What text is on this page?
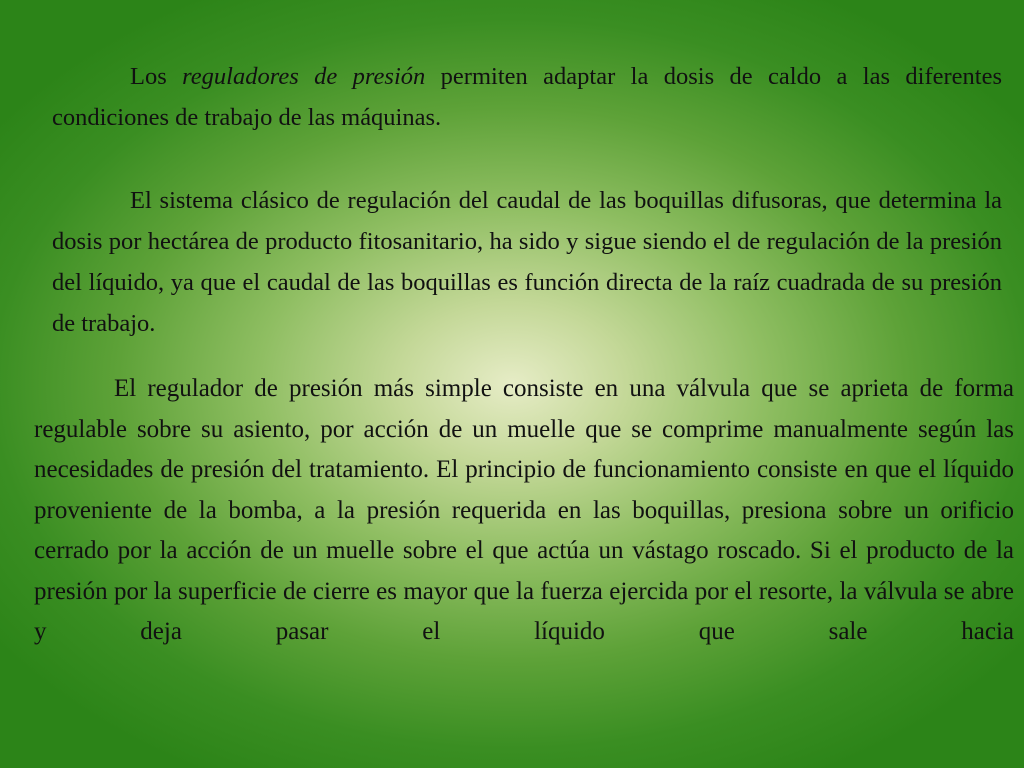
Los reguladores de presión permiten adaptar la dosis de caldo a las diferentes condiciones de trabajo de las máquinas.

El sistema clásico de regulación del caudal de las boquillas difusoras, que determina la dosis por hectárea de producto fitosanitario, ha sido y sigue siendo el de regulación de la presión del líquido, ya que el caudal de las boquillas es función directa de la raíz cuadrada de su presión de trabajo.

El regulador de presión más simple consiste en una válvula que se aprieta de forma regulable sobre su asiento, por acción de un muelle que se comprime manualmente según las necesidades de presión del tratamiento. El principio de funcionamiento consiste en que el líquido proveniente de la bomba, a la presión requerida en las boquillas, presiona sobre un orificio cerrado por la acción de un muelle sobre el que actúa un vástago roscado. Si el producto de la presión por la superficie de cierre es mayor que la fuerza ejercida por el resorte, la válvula se abre y deja pasar el líquido que sale hacia
